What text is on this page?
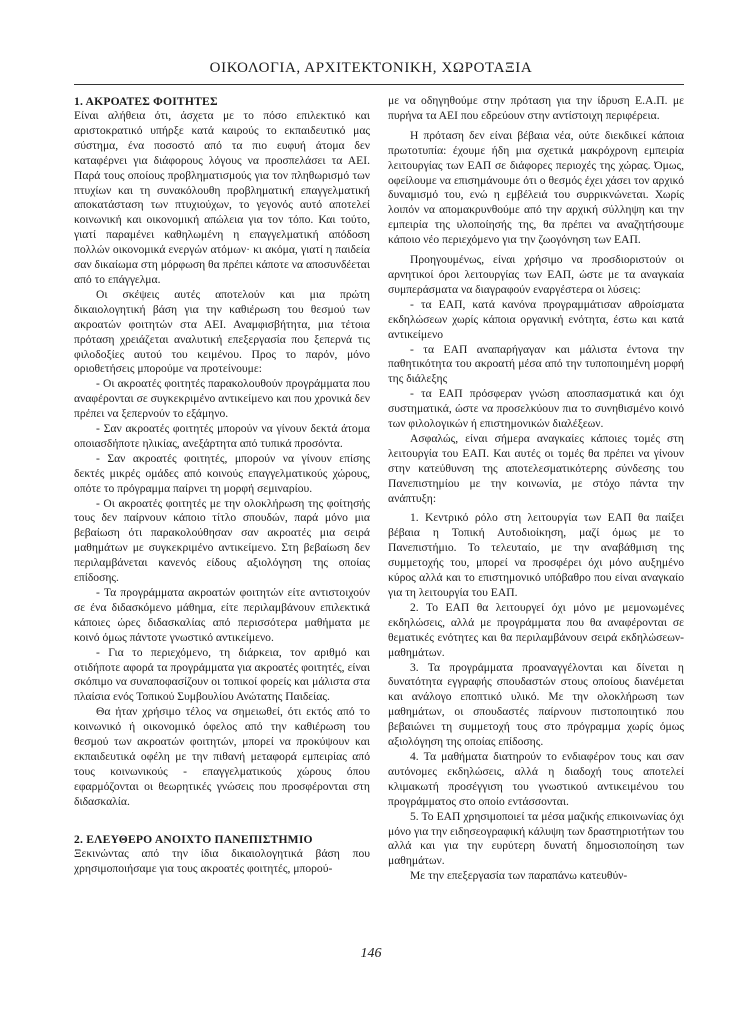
ΟΙΚΟΛΟΓΙΑ, ΑΡΧΙΤΕΚΤΟΝΙΚΗ, ΧΩΡΟΤΑΞΙΑ
1. ΑΚΡΟΑΤΕΣ ΦΟΙΤΗΤΕΣ

Είναι αλήθεια ότι, άσχετα με το πόσο επιλεκτικό και αριστοκρατικό υπήρξε κατά καιρούς το εκπαιδευτικό μας σύστημα, ένα ποσοστό από τα πιο ευφυή άτομα δεν καταφέρνει για διάφορους λόγους να προσπελάσει τα ΑΕΙ. Παρά τους οποίους προβληματισμούς για τον πληθωρισμό των πτυχίων και τη συνακόλουθη προβληματική επαγγελματική αποκατάσταση των πτυχιούχων, το γεγονός αυτό αποτελεί κοινωνική και οικονομική απώλεια για τον τόπο. Και τούτο, γιατί παραμένει καθηλωμένη η επαγγελματική απόδοση πολλών οικονομικά ενεργών ατόμων· κι ακόμα, γιατί η παιδεία σαν δικαίωμα στη μόρφωση θα πρέπει κάποτε να αποσυνδέεται από το επάγγελμα.

Οι σκέψεις αυτές αποτελούν και μια πρώτη δικαιολογητική βάση για την καθιέρωση του θεσμού των ακροατών φοιτητών στα ΑΕΙ. Αναμφισβήτητα, μια τέτοια πρόταση χρειάζεται αναλυτική επεξεργασία που ξεπερνά τις φιλοδοξίες αυτού του κειμένου. Προς το παρόν, μόνο οριοθετήσεις μπορούμε να προτείνουμε:

- Οι ακροατές φοιτητές παρακολουθούν προγράμματα που αναφέρονται σε συγκεκριμένο αντικείμενο και που χρονικά δεν πρέπει να ξεπερνούν το εξάμηνο.

- Σαν ακροατές φοιτητές μπορούν να γίνουν δεκτά άτομα οποιασδήποτε ηλικίας, ανεξάρτητα από τυπικά προσόντα.

- Σαν ακροατές φοιτητές, μπορούν να γίνουν επίσης δεκτές μικρές ομάδες από κοινούς επαγγελματικούς χώρους, οπότε το πρόγραμμα παίρνει τη μορφή σεμιναρίου.

- Οι ακροατές φοιτητές με την ολοκλήρωση της φοίτησής τους δεν παίρνουν κάποιο τίτλο σπουδών, παρά μόνο μια βεβαίωση ότι παρακολούθησαν σαν ακροατές μια σειρά μαθημάτων με συγκεκριμένο αντικείμενο. Στη βεβαίωση δεν περιλαμβάνεται κανενός είδους αξιολόγηση της οποίας επίδοσης.

- Τα προγράμματα ακροατών φοιτητών είτε αντιστοιχούν σε ένα διδασκόμενο μάθημα, είτε περιλαμβάνουν επιλεκτικά κάποιες ώρες διδασκαλίας από περισσότερα μαθήματα με κοινό όμως πάντοτε γνωστικό αντικείμενο.

- Για το περιεχόμενο, τη διάρκεια, τον αριθμό και οτιδήποτε αφορά τα προγράμματα για ακροατές φοιτητές, είναι σκόπιμο να συναποφασίζουν οι τοπικοί φορείς και μάλιστα στα πλαίσια ενός Τοπικού Συμβουλίου Ανώτατης Παιδείας.

Θα ήταν χρήσιμο τέλος να σημειωθεί, ότι εκτός από το κοινωνικό ή οικονομικό όφελος από την καθιέρωση του θεσμού των ακροατών φοιτητών, μπορεί να προκύψουν και εκπαιδευτικά οφέλη με την πιθανή μεταφορά εμπειρίας από τους κοινωνικούς - επαγγελματικούς χώρους όπου εφαρμόζονται οι θεωρητικές γνώσεις που προσφέρονται στη διδασκαλία.

2. ΕΛΕΥΘΕΡΟ ΑΝΟΙΧΤΟ ΠΑΝΕΠΙΣΤΗΜΙΟ

Ξεκινώντας από την ίδια δικαιολογητικά βάση που χρησιμοποιήσαμε για τους ακροατές φοιτητές, μπορού-

με να οδηγηθούμε στην πρόταση για την ίδρυση Ε.Α.Π. με πυρήνα τα ΑΕΙ που εδρεύουν στην αντίστοιχη περιφέρεια.

Η πρόταση δεν είναι βέβαια νέα, ούτε διεκδικεί κάποια πρωτοτυπία: έχουμε ήδη μια σχετικά μακρόχρονη εμπειρία λειτουργίας των ΕΑΠ σε διάφορες περιοχές της χώρας. Όμως, οφείλουμε να επισημάνουμε ότι ο θεσμός έχει χάσει τον αρχικό δυναμισμό του, ενώ η εμβέλειά του συρρικνώνεται. Χωρίς λοιπόν να απομακρυνθούμε από την αρχική σύλληψη και την εμπειρία της υλοποίησής της, θα πρέπει να αναζητήσουμε κάποιο νέο περιεχόμενο για την ζωογόνηση των ΕΑΠ.

Προηγουμένως, είναι χρήσιμο να προσδιοριστούν οι αρνητικοί όροι λειτουργίας των ΕΑΠ, ώστε με τα αναγκαία συμπεράσματα να διαγραφούν εναργέστερα οι λύσεις:

- τα ΕΑΠ, κατά κανόνα προγραμμάτισαν αθροίσματα εκδηλώσεων χωρίς κάποια οργανική ενότητα, έστω και κατά αντικείμενο

- τα ΕΑΠ αναπαρήγαγαν και μάλιστα έντονα την παθητικότητα του ακροατή μέσα από την τυποποιημένη μορφή της διάλεξης

- τα ΕΑΠ πρόσφεραν γνώση αποσπασματικά και όχι συστηματικά, ώστε να προσελκύουν πια το συνηθισμένο κοινό των φιλολογικών ή επιστημονικών διαλέξεων.

Ασφαλώς, είναι σήμερα αναγκαίες κάποιες τομές στη λειτουργία του ΕΑΠ. Και αυτές οι τομές θα πρέπει να γίνουν στην κατεύθυνση της αποτελεσματικότερης σύνδεσης του Πανεπιστημίου με την κοινωνία, με στόχο πάντα την ανάπτυξη:

1. Κεντρικό ρόλο στη λειτουργία των ΕΑΠ θα παίξει βέβαια η Τοπική Αυτοδιοίκηση, μαζί όμως με το Πανεπιστήμιο. Το τελευταίο, με την αναβάθμιση της συμμετοχής του, μπορεί να προσφέρει όχι μόνο αυξημένο κύρος αλλά και το επιστημονικό υπόβαθρο που είναι αναγκαίο για τη λειτουργία του ΕΑΠ.

2. Το ΕΑΠ θα λειτουργεί όχι μόνο με μεμονωμένες εκδηλώσεις, αλλά με προγράμματα που θα αναφέρονται σε θεματικές ενότητες και θα περιλαμβάνουν σειρά εκδηλώσεων-μαθημάτων.

3. Τα προγράμματα προαναγγέλονται και δίνεται η δυνατότητα εγγραφής σπουδαστών στους οποίους διανέμεται και ανάλογο εποπτικό υλικό. Με την ολοκλήρωση των μαθημάτων, οι σπουδαστές παίρνουν πιστοποιητικό που βεβαιώνει τη συμμετοχή τους στο πρόγραμμα χωρίς όμως αξιολόγηση της οποίας επίδοσης.

4. Τα μαθήματα διατηρούν το ενδιαφέρον τους και σαν αυτόνομες εκδηλώσεις, αλλά η διαδοχή τους αποτελεί κλιμακωτή προσέγγιση του γνωστικού αντικειμένου του προγράμματος στο οποίο εντάσσονται.

5. Το ΕΑΠ χρησιμοποιεί τα μέσα μαζικής επικοινωνίας όχι μόνο για την ειδησεογραφική κάλυψη των δραστηριοτήτων του αλλά και για την ευρύτερη δυνατή δημοσιοποίηση των μαθημάτων.

Με την επεξεργασία των παραπάνω κατευθύν-

146
